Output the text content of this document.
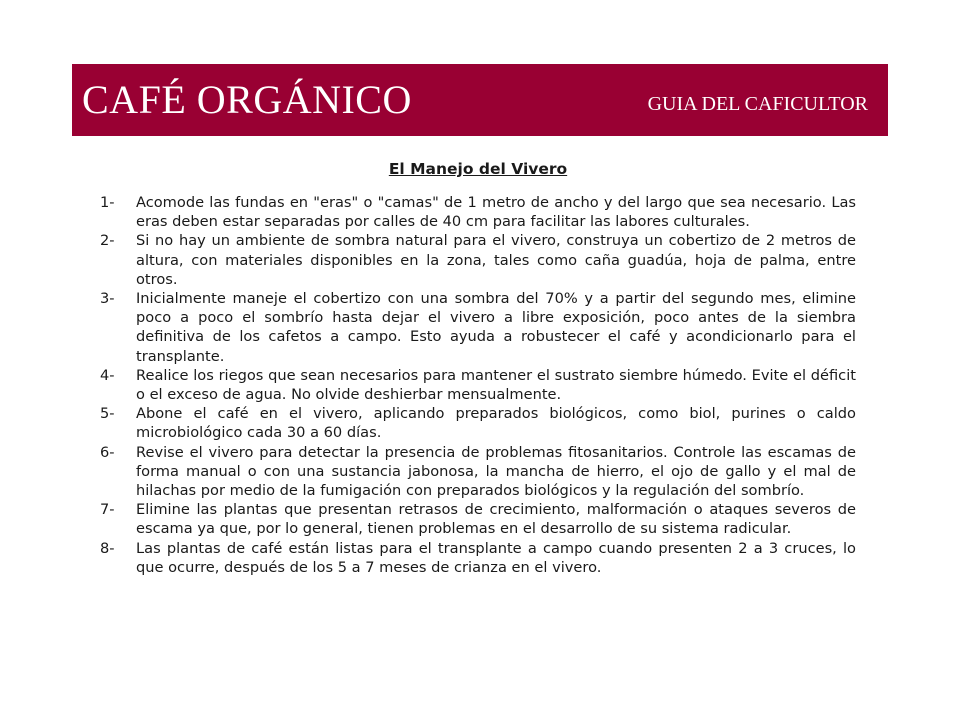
CAFÉ ORGÁNICO	GUIA DEL CAFICULTOR
El Manejo del Vivero
1-	Acomode las fundas en "eras" o "camas" de 1 metro de ancho y del largo que sea necesario. Las eras deben estar separadas por calles de 40 cm para facilitar las labores culturales.
2-	Si no hay un ambiente de sombra natural para el vivero, construya un cobertizo de 2 metros de altura, con materiales disponibles en la zona, tales como caña guadúa, hoja de palma, entre otros.
3-	Inicialmente maneje el cobertizo con una sombra del 70% y a partir del segundo mes, elimine poco a poco el sombrío hasta dejar el vivero a libre exposición, poco antes de la siembra definitiva de los cafetos a campo. Esto ayuda a robustecer el café y acondicionarlo para el transplante.
4-	Realice los riegos que sean necesarios para mantener el sustrato siembre húmedo. Evite el déficit o el exceso de agua. No olvide deshierbar mensualmente.
5-	Abone el café en el vivero, aplicando preparados biológicos, como biol, purines o caldo microbiológico cada 30 a 60 días.
6-	Revise el vivero para detectar la presencia de problemas fitosanitarios. Controle las escamas de forma manual o con una sustancia jabonosa, la mancha de hierro, el ojo de gallo y el mal de hilachas por medio de la fumigación con preparados biológicos y la regulación del sombrío.
7-	Elimine las plantas que presentan retrasos de crecimiento, malformación o ataques severos de escama ya que, por lo general, tienen problemas en el desarrollo de su sistema radicular.
8-	Las plantas de café están listas para el transplante a campo cuando presenten 2 a 3 cruces, lo que ocurre, después de los 5 a 7 meses de crianza en el vivero.
